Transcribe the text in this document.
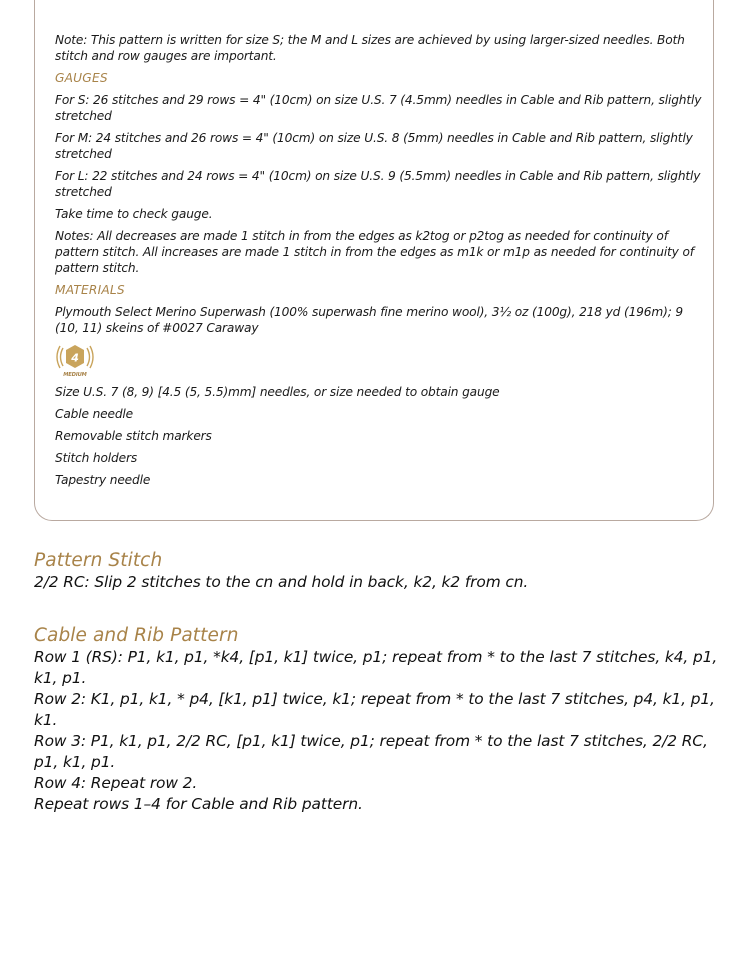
Note: This pattern is written for size S; the M and L sizes are achieved by using larger-sized needles. Both stitch and row gauges are important.

GAUGES

For S: 26 stitches and 29 rows = 4" (10cm) on size U.S. 7 (4.5mm) needles in Cable and Rib pattern, slightly stretched

For M: 24 stitches and 26 rows = 4" (10cm) on size U.S. 8 (5mm) needles in Cable and Rib pattern, slightly stretched

For L: 22 stitches and 24 rows = 4" (10cm) on size U.S. 9 (5.5mm) needles in Cable and Rib pattern, slightly stretched

Take time to check gauge.

Notes: All decreases are made 1 stitch in from the edges as k2tog or p2tog as needed for continuity of pattern stitch. All increases are made 1 stitch in from the edges as m1k or m1p as needed for continuity of pattern stitch.

MATERIALS

Plymouth Select Merino Superwash (100% superwash fine merino wool), 3½ oz (100g), 218 yd (196m); 9 (10, 11) skeins of #0027 Caraway

4
MEDIUM

Size U.S. 7 (8, 9) [4.5 (5, 5.5)mm] needles, or size needed to obtain gauge

Cable needle

Removable stitch markers

Stitch holders

Tapestry needle

Pattern Stitch

2/2 RC: Slip 2 stitches to the cn and hold in back, k2, k2 from cn.

Cable and Rib Pattern

Row 1 (RS): P1, k1, p1, *k4, [p1, k1] twice, p1; repeat from * to the last 7 stitches, k4, p1, k1, p1.

Row 2: K1, p1, k1, * p4, [k1, p1] twice, k1; repeat from * to the last 7 stitches, p4, k1, p1, k1.

Row 3: P1, k1, p1, 2/2 RC, [p1, k1] twice, p1; repeat from * to the last 7 stitches, 2/2 RC, p1, k1, p1.

Row 4: Repeat row 2.

Repeat rows 1–4 for Cable and Rib pattern.
